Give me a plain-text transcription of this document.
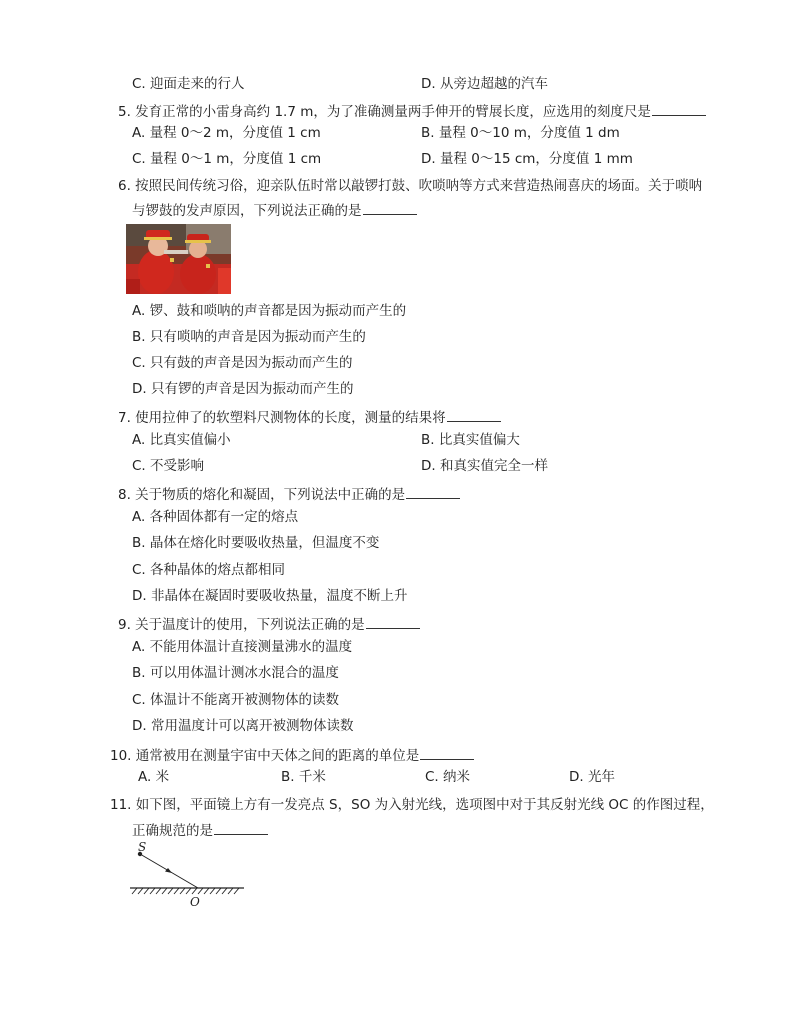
C. 迎面走来的行人	D. 从旁边超越的汽车
5. 发育正常的小雷身高约 1.7 m，为了准确测量两手伸开的臂展长度，应选用的刻度尺是
A. 量程 0～2 m，分度值 1 cm	B. 量程 0～10 m，分度值 1 dm
C. 量程 0～1 m，分度值 1 cm	D. 量程 0～15 cm，分度值 1 mm
6. 按照民间传统习俗，迎亲队伍时常以敲锣打鼓、吹唢呐等方式来营造热闹喜庆的场面。关于唢呐
与锣鼓的发声原因，下列说法正确的是
A. 锣、鼓和唢呐的声音都是因为振动而产生的
B. 只有唢呐的声音是因为振动而产生的
C. 只有鼓的声音是因为振动而产生的
D. 只有锣的声音是因为振动而产生的
7. 使用拉伸了的软塑料尺测物体的长度，测量的结果将
A. 比真实值偏小	B. 比真实值偏大
C. 不受影响	D. 和真实值完全一样
8. 关于物质的熔化和凝固，下列说法中正确的是
A. 各种固体都有一定的熔点
B. 晶体在熔化时要吸收热量，但温度不变
C. 各种晶体的熔点都相同
D. 非晶体在凝固时要吸收热量，温度不断上升
9. 关于温度计的使用，下列说法正确的是
A. 不能用体温计直接测量沸水的温度
B. 可以用体温计测冰水混合的温度
C. 体温计不能离开被测物体的读数
D. 常用温度计可以离开被测物体读数
10. 通常被用在测量宇宙中天体之间的距离的单位是
A. 米	B. 千米	C. 纳米	D. 光年
11. 如下图，平面镜上方有一发亮点 S，SO 为入射光线，选项图中对于其反射光线 OC 的作图过程，
正确规范的是
S
O
